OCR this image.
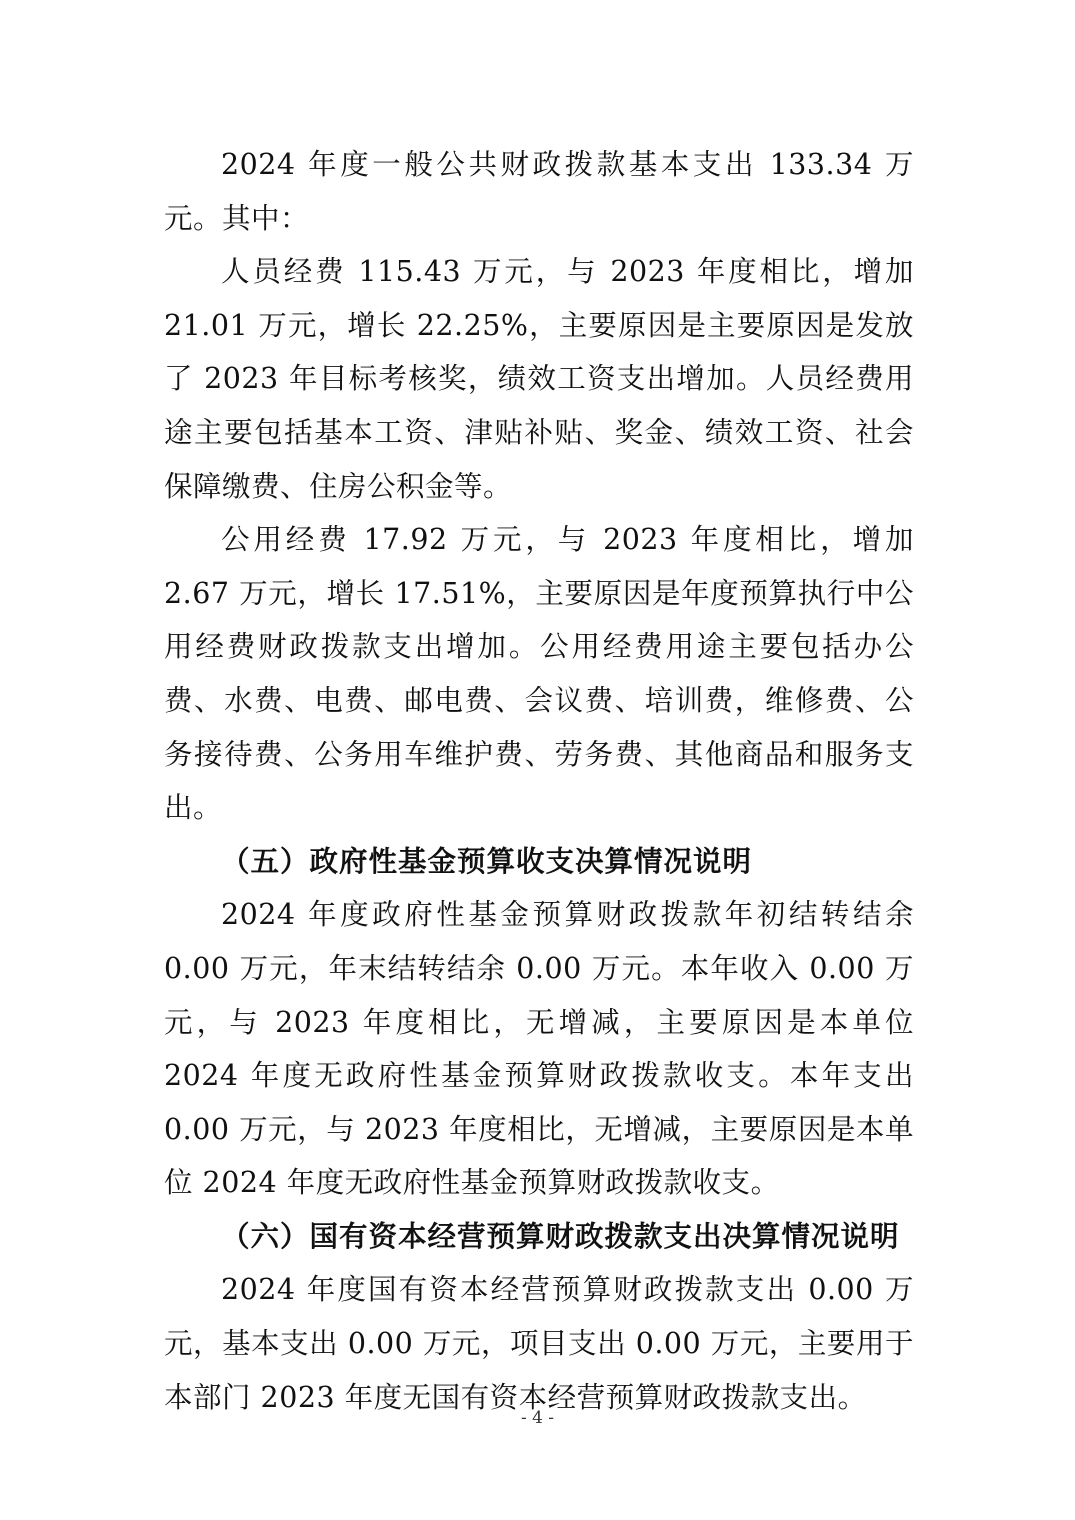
2024 年度一般公共财政拨款基本支出 133.34 万元。其中：

人员经费 115.43 万元，与 2023 年度相比，增加 21.01 万元，增长 22.25%，主要原因是主要原因是发放了 2023 年目标考核奖，绩效工资支出增加。人员经费用途主要包括基本工资、津贴补贴、奖金、绩效工资、社会保障缴费、住房公积金等。

公用经费 17.92 万元，与 2023 年度相比，增加 2.67 万元，增长 17.51%，主要原因是年度预算执行中公用经费财政拨款支出增加。公用经费用途主要包括办公费、水费、电费、邮电费、会议费、培训费，维修费、公务接待费、公务用车维护费、劳务费、其他商品和服务支出。

（五）政府性基金预算收支决算情况说明

2024 年度政府性基金预算财政拨款年初结转结余 0.00 万元，年末结转结余 0.00 万元。本年收入 0.00 万元，与 2023 年度相比，无增减，主要原因是本单位 2024 年度无政府性基金预算财政拨款收支。本年支出 0.00 万元，与 2023 年度相比，无增减，主要原因是本单位 2024 年度无政府性基金预算财政拨款收支。

（六）国有资本经营预算财政拨款支出决算情况说明

2024 年度国有资本经营预算财政拨款支出 0.00 万元，基本支出 0.00 万元，项目支出 0.00 万元，主要用于本部门 2023 年度无国有资本经营预算财政拨款支出。

- 4 -
